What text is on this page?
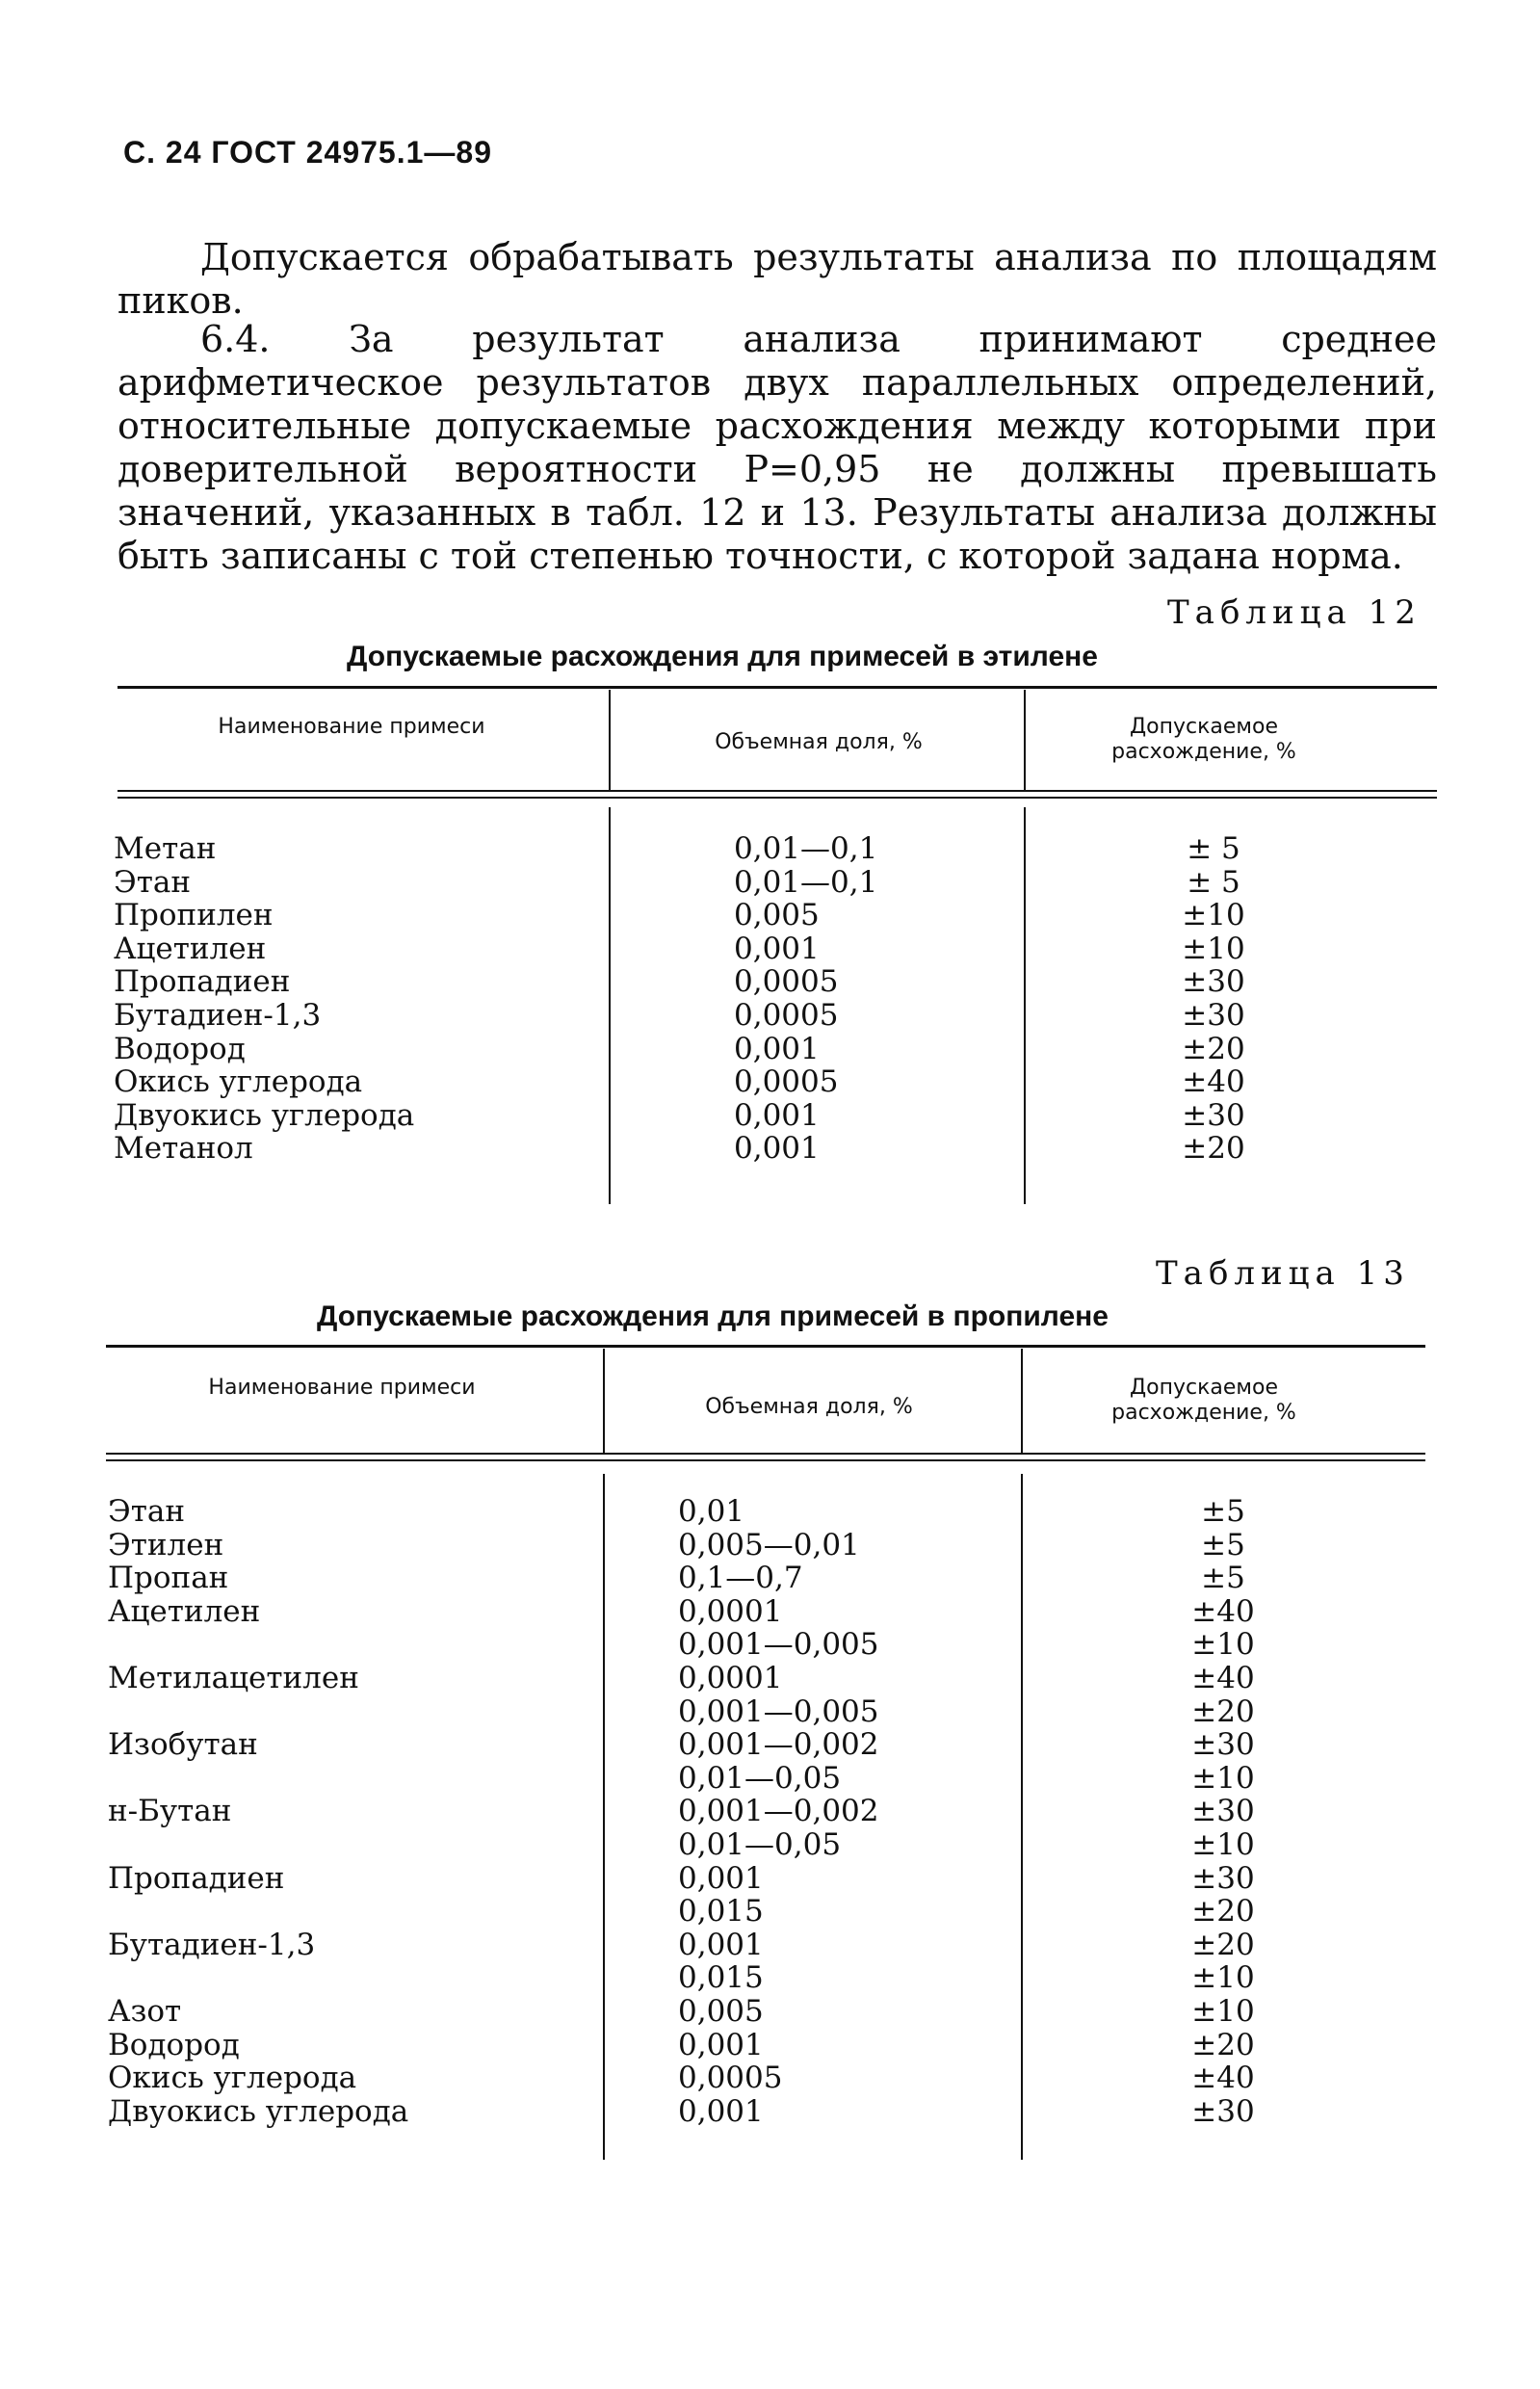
С. 24 ГОСТ 24975.1—89
Допускается обрабатывать результаты анализа по площадям пиков.
6.4. За результат анализа принимают среднее арифметическое результатов двух параллельных определений, относительные допускаемые расхождения между которыми при доверительной вероятности P=0,95 не должны превышать значений, указанных в табл. 12 и 13. Результаты анализа должны быть записаны с той степенью точности, с которой задана норма.
Таблица 12
Допускаемые расхождения для примесей в этилене
Наименование примеси
Объемная доля, %
Допускаемое расхождение, %
Метан
Этан
Пропилен
Ацетилен
Пропадиен
Бутадиен-1,3
Водород
Окись углерода
Двуокись углерода
Метанол
0,01—0,1
0,01—0,1
0,005
0,001
0,0005
0,0005
0,001
0,0005
0,001
0,001
± 5
± 5
±10
±10
±30
±30
±20
±40
±30
±20
Таблица 13
Допускаемые расхождения для примесей в пропилене
Наименование примеси
Объемная доля, %
Допускаемое расхождение, %
Этан
Этилен
Пропан
Ацетилен
Метилацетилен
Изобутан
н-Бутан
Пропадиен
Бутадиен-1,3
Азот
Водород
Окись углерода
Двуокись углерода
0,01
0,005—0,01
0,1—0,7
0,0001
0,001—0,005
0,0001
0,001—0,005
0,001—0,002
0,01—0,05
0,001—0,002
0,01—0,05
0,001
0,015
0,001
0,015
0,005
0,001
0,0005
0,001
±5
±5
±5
±40
±10
±40
±20
±30
±10
±30
±10
±30
±20
±20
±10
±10
±20
±40
±30
